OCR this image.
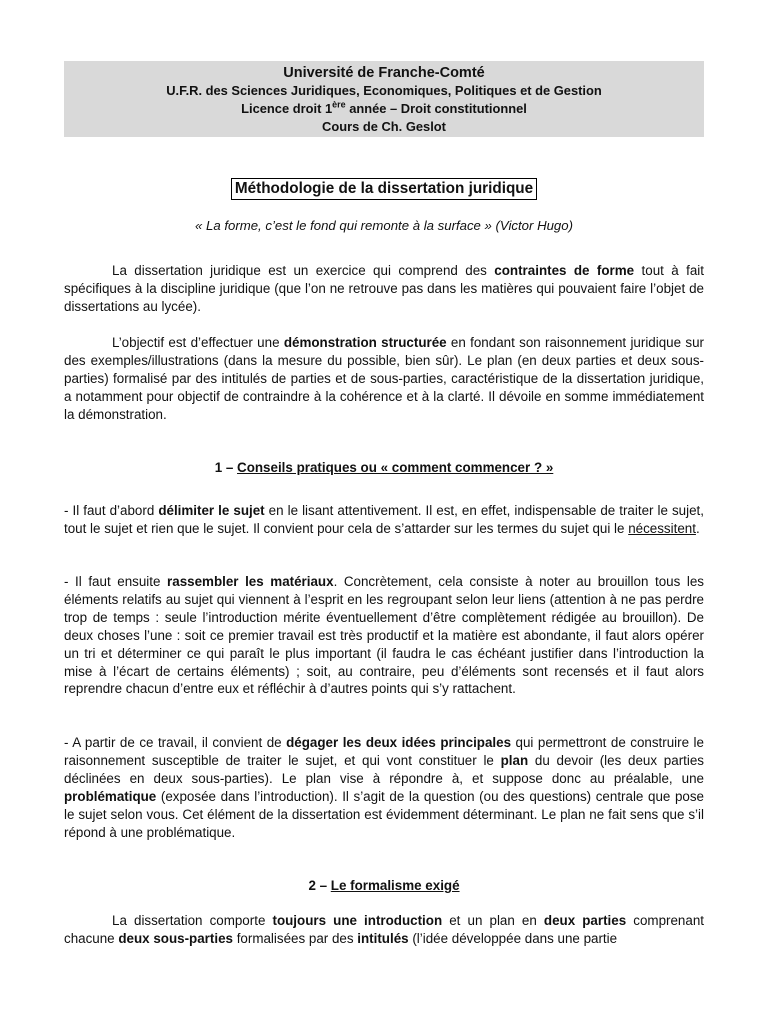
Université de Franche-Comté
U.F.R. des Sciences Juridiques, Economiques, Politiques et de Gestion
Licence droit 1ère année – Droit constitutionnel
Cours de Ch. Geslot
Méthodologie de la dissertation juridique
« La forme, c’est le fond qui remonte à la surface » (Victor Hugo)

La dissertation juridique est un exercice qui comprend des contraintes de forme tout à fait spécifiques à la discipline juridique (que l’on ne retrouve pas dans les matières qui pouvaient faire l’objet de dissertations au lycée).

L’objectif est d’effectuer une démonstration structurée en fondant son raisonnement juridique sur des exemples/illustrations (dans la mesure du possible, bien sûr). Le plan (en deux parties et deux sous-parties) formalisé par des intitulés de parties et de sous-parties, caractéristique de la dissertation juridique, a notamment pour objectif de contraindre à la cohérence et à la clarté. Il dévoile en somme immédiatement la démonstration.

1 – Conseils pratiques ou « comment commencer ? »

- Il faut d’abord délimiter le sujet en le lisant attentivement. Il est, en effet, indispensable de traiter le sujet, tout le sujet et rien que le sujet. Il convient pour cela de s’attarder sur les termes du sujet qui le nécessitent.

- Il faut ensuite rassembler les matériaux. Concrètement, cela consiste à noter au brouillon tous les éléments relatifs au sujet qui viennent à l’esprit en les regroupant selon leur liens (attention à ne pas perdre trop de temps : seule l’introduction mérite éventuellement d’être complètement rédigée au brouillon). De deux choses l’une : soit ce premier travail est très productif et la matière est abondante, il faut alors opérer un tri et déterminer ce qui paraît le plus important (il faudra le cas échéant justifier dans l’introduction la mise à l’écart de certains éléments) ; soit, au contraire, peu d’éléments sont recensés et il faut alors reprendre chacun d’entre eux et réfléchir à d’autres points qui s’y rattachent.

- A partir de ce travail, il convient de dégager les deux idées principales qui permettront de construire le raisonnement susceptible de traiter le sujet, et qui vont constituer le plan du devoir (les deux parties déclinées en deux sous-parties). Le plan vise à répondre à, et suppose donc au préalable, une problématique (exposée dans l’introduction). Il s’agit de la question (ou des questions) centrale que pose le sujet selon vous. Cet élément de la dissertation est évidemment déterminant. Le plan ne fait sens que s’il répond à une problématique.

2 – Le formalisme exigé

La dissertation comporte toujours une introduction et un plan en deux parties comprenant chacune deux sous-parties formalisées par des intitulés (l’idée développée dans une partie
